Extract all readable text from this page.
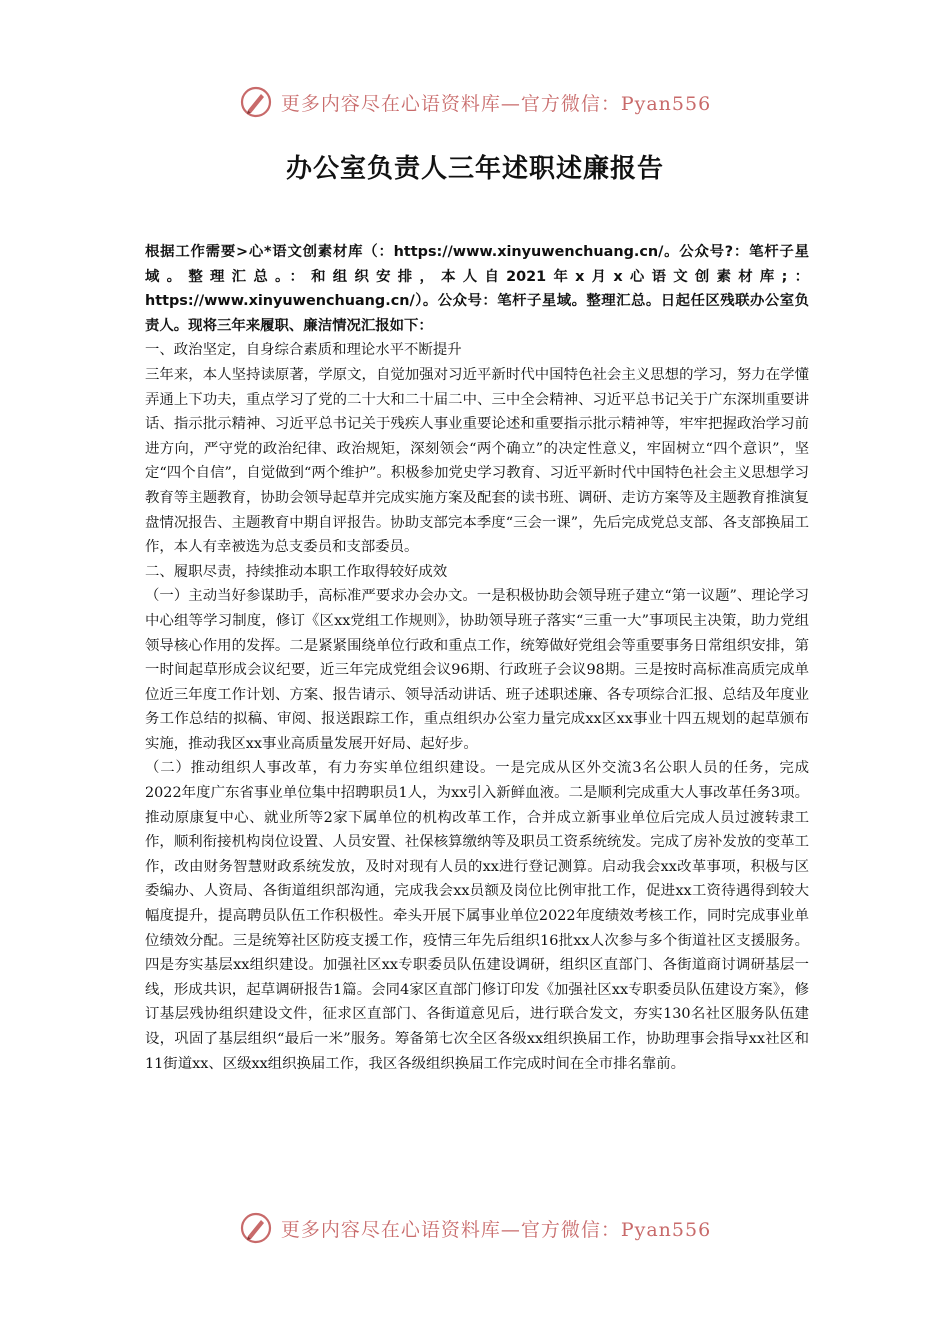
更多内容尽在心语资料库—官方微信：Pyan556
办公室负责人三年述职述廉报告

根据工作需要>心*语文创素材库（：https://www.xinyuwenchuang.cn/。公众号?：笔杆子星域。整理汇总。：和组织安排，本人自2021年x月x心语文创素材库;：https://www.xinyuwenchuang.cn/）。公众号：笔杆子星域。整理汇总。日起任区残联办公室负责人。现将三年来履职、廉洁情况汇报如下：

一、政治坚定，自身综合素质和理论水平不断提升

三年来，本人坚持读原著，学原文，自觉加强对习近平新时代中国特色社会主义思想的学习，努力在学懂弄通上下功夫，重点学习了党的二十大和二十届二中、三中全会精神、习近平总书记关于广东深圳重要讲话、指示批示精神、习近平总书记关于残疾人事业重要论述和重要指示批示精神等，牢牢把握政治学习前进方向，严守党的政治纪律、政治规矩，深刻领会“两个确立”的决定性意义，牢固树立“四个意识”，坚定“四个自信”，自觉做到“两个维护”。积极参加党史学习教育、习近平新时代中国特色社会主义思想学习教育等主题教育，协助会领导起草并完成实施方案及配套的读书班、调研、走访方案等及主题教育推演复盘情况报告、主题教育中期自评报告。协助支部完本季度“三会一课”，先后完成党总支部、各支部换届工作，本人有幸被选为总支委员和支部委员。

二、履职尽责，持续推动本职工作取得较好成效

（一）主动当好参谋助手，高标准严要求办会办文。一是积极协助会领导班子建立“第一议题”、理论学习中心组等学习制度，修订《区xx党组工作规则》，协助领导班子落实“三重一大”事项民主决策，助力党组领导核心作用的发挥。二是紧紧围绕单位行政和重点工作，统筹做好党组会等重要事务日常组织安排，第一时间起草形成会议纪要，近三年完成党组会议96期、行政班子会议98期。三是按时高标准高质完成单位近三年度工作计划、方案、报告请示、领导活动讲话、班子述职述廉、各专项综合汇报、总结及年度业务工作总结的拟稿、审阅、报送跟踪工作，重点组织办公室力量完成xx区xx事业十四五规划的起草颁布实施，推动我区xx事业高质量发展开好局、起好步。

（二）推动组织人事改革，有力夯实单位组织建设。一是完成从区外交流3名公职人员的任务，完成2022年度广东省事业单位集中招聘职员1人，为xx引入新鲜血液。二是顺利完成重大人事改革任务3项。推动原康复中心、就业所等2家下属单位的机构改革工作，合并成立新事业单位后完成人员过渡转隶工作，顺利衔接机构岗位设置、人员安置、社保核算缴纳等及职员工资系统统发。完成了房补发放的变革工作，改由财务智慧财政系统发放，及时对现有人员的xx进行登记测算。启动我会xx改革事项，积极与区委编办、人资局、各街道组织部沟通，完成我会xx员额及岗位比例审批工作，促进xx工资待遇得到较大幅度提升，提高聘员队伍工作积极性。牵头开展下属事业单位2022年度绩效考核工作，同时完成事业单位绩效分配。三是统筹社区防疫支援工作，疫情三年先后组织16批xx人次参与多个街道社区支援服务。四是夯实基层xx组织建设。加强社区xx专职委员队伍建设调研，组织区直部门、各街道商讨调研基层一线，形成共识，起草调研报告1篇。会同4家区直部门修订印发《加强社区xx专职委员队伍建设方案》，修订基层残协组织建设文件，征求区直部门、各街道意见后，进行联合发文，夯实130名社区服务队伍建设，巩固了基层组织“最后一米”服务。筹备第七次全区各级xx组织换届工作，协助理事会指导xx社区和11街道xx、区级xx组织换届工作，我区各级组织换届工作完成时间在全市排名靠前。

更多内容尽在心语资料库—官方微信：Pyan556
